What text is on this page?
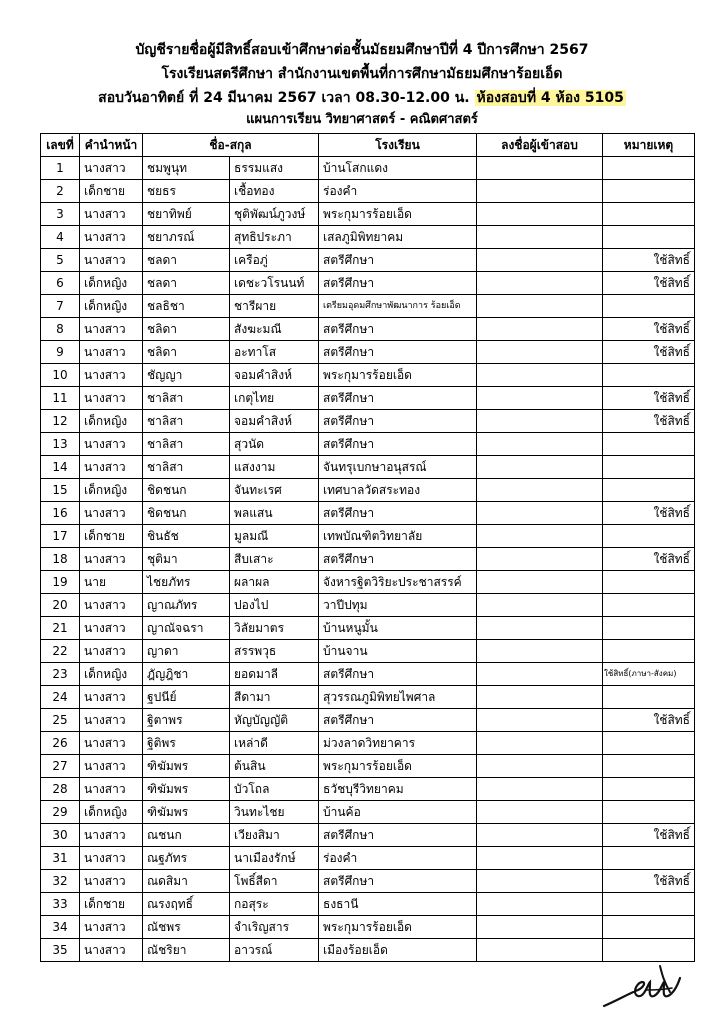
บัญชีรายชื่อผู้มีสิทธิ์สอบเข้าศึกษาต่อชั้นมัธยมศึกษาปีที่ 4 ปีการศึกษา 2567
โรงเรียนสตรีศึกษา สำนักงานเขตพื้นที่การศึกษามัธยมศึกษาร้อยเอ็ด
สอบวันอาทิตย์ ที่ 24 มีนาคม 2567 เวลา 08.30-12.00 น. ห้องสอบที่ 4 ห้อง 5105
แผนการเรียน วิทยาศาสตร์ - คณิตศาสตร์
เลขที่	คำนำหน้า	ชื่อ-สกุล		โรงเรียน	ลงชื่อผู้เข้าสอบ	หมายเหตุ
1	นางสาว	ชมพูนุท	ธรรมแสง	บ้านโสกแดง		
2	เด็กชาย	ชยธร	เชื้อทอง	ร่องคำ		
3	นางสาว	ชยาทิพย์	ชุติพัฒน์ภูวงษ์	พระกุมารร้อยเอ็ด		
4	นางสาว	ชยาภรณ์	สุทธิประภา	เสลภูมิพิทยาคม		
5	นางสาว	ชลดา	เครือภู่	สตรีศึกษา		ใช้สิทธิ์
6	เด็กหญิง	ชลดา	เดชะวโรนนท์	สตรีศึกษา		ใช้สิทธิ์
7	เด็กหญิง	ชลธิชา	ชารีผาย	เตรียมอุดมศึกษาพัฒนาการ ร้อยเอ็ด		
8	นางสาว	ชลิดา	สังฆะมณี	สตรีศึกษา		ใช้สิทธิ์
9	นางสาว	ชลิดา	อะทาโส	สตรีศึกษา		ใช้สิทธิ์
10	นางสาว	ชัญญา	จอมคำสิงห์	พระกุมารร้อยเอ็ด		
11	นางสาว	ชาลิสา	เกตุไทย	สตรีศึกษา		ใช้สิทธิ์
12	เด็กหญิง	ชาลิสา	จอมคำสิงห์	สตรีศึกษา		ใช้สิทธิ์
13	นางสาว	ชาลิสา	สุวนัด	สตรีศึกษา		
14	นางสาว	ชาลิสา	แสงงาม	จันทรุเบกษาอนุสรณ์		
15	เด็กหญิง	ชิดชนก	จันทะเรศ	เทศบาลวัดสระทอง		
16	นางสาว	ชิดชนก	พลแสน	สตรีศึกษา		ใช้สิทธิ์
17	เด็กชาย	ชินธัช	มูลมณี	เทพบัณฑิตวิทยาลัย		
18	นางสาว	ชุติมา	สีบเสาะ	สตรีศึกษา		ใช้สิทธิ์
19	นาย	ไชยภัทร	ผลาผล	จังหารฐิตวิริยะประชาสรรค์		
20	นางสาว	ญาณภัทร	ปองไป	วาปีปทุม		
21	นางสาว	ญาณัจฉรา	วิลัยมาตร	บ้านหนูมั้น		
22	นางสาว	ญาดา	สรรพวุธ	บ้านจาน		
23	เด็กหญิง	ฎัญฎิชา	ยอดมาลี	สตรีศึกษา		ใช้สิทธิ์(ภาษา-สังคม)
24	นางสาว	ฐปนีย์	สีดามา	สุวรรณภูมิพิทยไพศาล		
25	นางสาว	ฐิตาพร	หัญบัญญัติ	สตรีศึกษา		ใช้สิทธิ์
26	นางสาว	ฐิติพร	เหล่าดี	ม่วงลาดวิทยาคาร		
27	นางสาว	ฑิฆัมพร	ต้นสิน	พระกุมารร้อยเอ็ด		
28	นางสาว	ฑิฆัมพร	บัวโถล	ธวัชบุรีวิทยาคม		
29	เด็กหญิง	ฑิฆัมพร	วินทะไชย	บ้านค้อ		
30	นางสาว	ณชนก	เวียงสิมา	สตรีศึกษา		ใช้สิทธิ์
31	นางสาว	ณฐภัทร	นาเมืองรักษ์	ร่องคำ		
32	นางสาว	ณดสิมา	โพธิ์สีดา	สตรีศึกษา		ใช้สิทธิ์
33	เด็กชาย	ณรงฤทธิ์	กอสุระ	ธงธานี		
34	นางสาว	ณัชพร	จำเริญสาร	พระกุมารร้อยเอ็ด		
35	นางสาว	ณัชริยา	อาวรณ์	เมืองร้อยเอ็ด		
